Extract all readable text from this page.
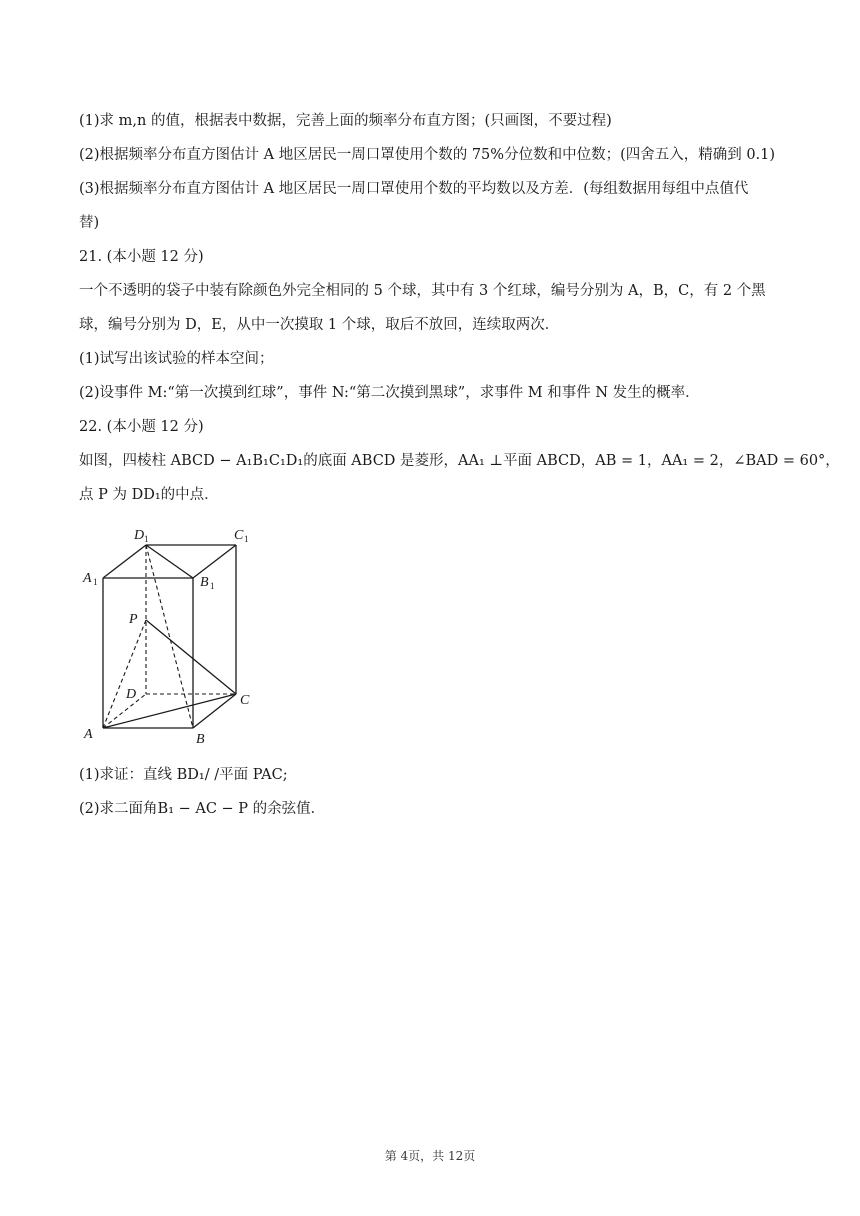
(1)求 m,n 的值，根据表中数据，完善上面的频率分布直方图；(只画图，不要过程)
(2)根据频率分布直方图估计 A 地区居民一周口罩使用个数的 75%分位数和中位数；(四舍五入，精确到 0.1)
(3)根据频率分布直方图估计 A 地区居民一周口罩使用个数的平均数以及方差．(每组数据用每组中点值代
替)
21. (本小题 12 分)
一个不透明的袋子中装有除颜色外完全相同的 5 个球，其中有 3 个红球，编号分别为 A，B，C，有 2 个黑
球，编号分别为 D，E，从中一次摸取 1 个球，取后不放回，连续取两次．
(1)试写出该试验的样本空间；
(2)设事件 M:“第一次摸到红球”，事件 N:“第二次摸到黑球”，求事件 M 和事件 N 发生的概率．
22. (本小题 12 分)
如图，四棱柱 ABCD − A₁B₁C₁D₁的底面 ABCD 是菱形，AA₁ ⊥平面 ABCD，AB = 1，AA₁ = 2，∠BAD = 60°，
点 P 为 DD₁的中点．
D 1	C 1
A 1	B 1
P
D	C
A	B
(1)求证：直线 BD₁/ /平面 PAC;
(2)求二面角B₁ − AC − P 的余弦值．
第 4页，共 12页
